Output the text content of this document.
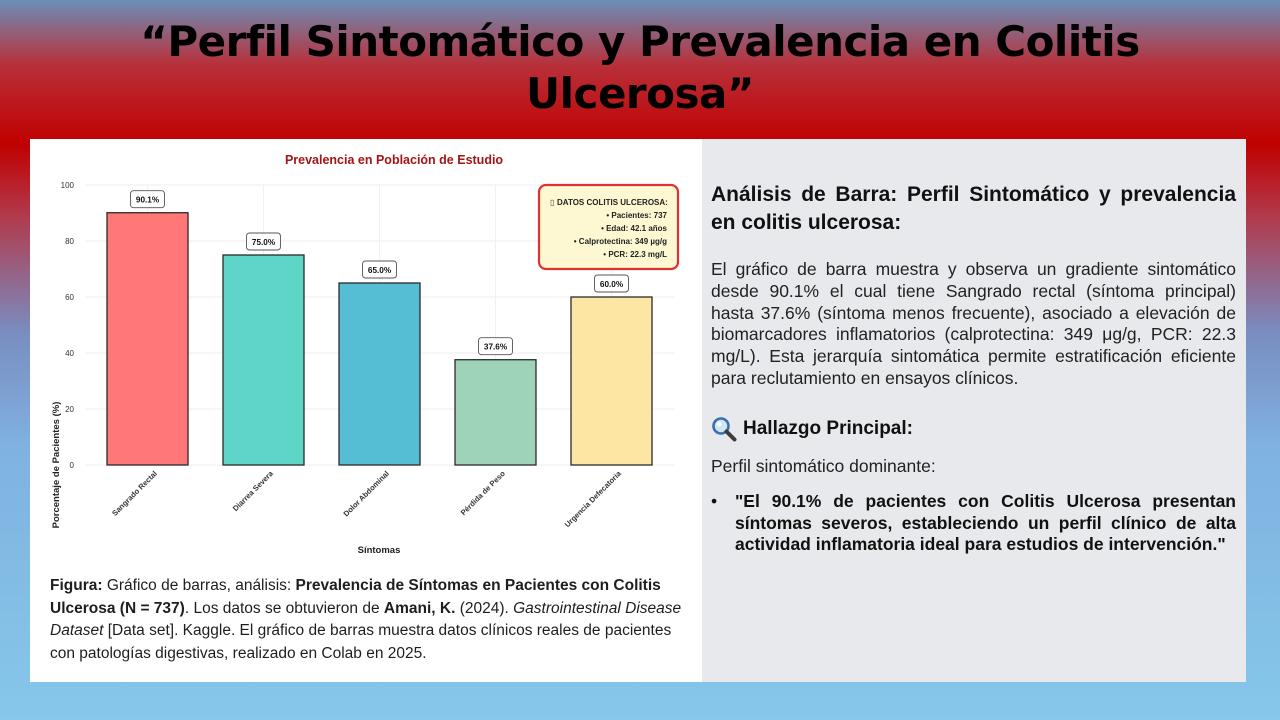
“Perfil Sintomático y Prevalencia en Colitis
Ulcerosa”
Prevalencia en Población de Estudio
0
20
40
60
80
100
90.1%
75.0%
65.0%
37.6%
60.0%
Sangrado Rectal	Diarrea Severa	Dolor Abdominal	Pérdida de Peso	Urgencia Defecatoria
Porcentaje de Pacientes (%)
Síntomas
▯ DATOS COLITIS ULCEROSA:
• Pacientes: 737
• Edad: 42.1 años
• Calprotectina: 349 µg/g
• PCR: 22.3 mg/L
Figura: Gráfico de barras, análisis: Prevalencia de Síntomas en Pacientes con Colitis Ulcerosa (N = 737). Los datos se obtuvieron de Amani, K. (2024). Gastrointestinal Disease Dataset [Data set]. Kaggle. El gráfico de barras muestra datos clínicos reales de pacientes con patologías digestivas, realizado en Colab en 2025.

Análisis de Barra: Perfil Sintomático y prevalencia en colitis ulcerosa:

El gráfico de barra muestra y observa un gradiente sintomático desde 90.1% el cual tiene Sangrado rectal (síntoma principal) hasta 37.6% (síntoma menos frecuente), asociado a elevación de biomarcadores inflamatorios (calprotectina: 349 μg/g, PCR: 22.3 mg/L). Esta jerarquía sintomática permite estratificación eficiente para reclutamiento en ensayos clínicos.
Hallazgo Principal:
Perfil sintomático dominante:
•	"El 90.1% de pacientes con Colitis Ulcerosa presentan síntomas severos, estableciendo un perfil clínico de alta actividad inflamatoria ideal para estudios de intervención."
